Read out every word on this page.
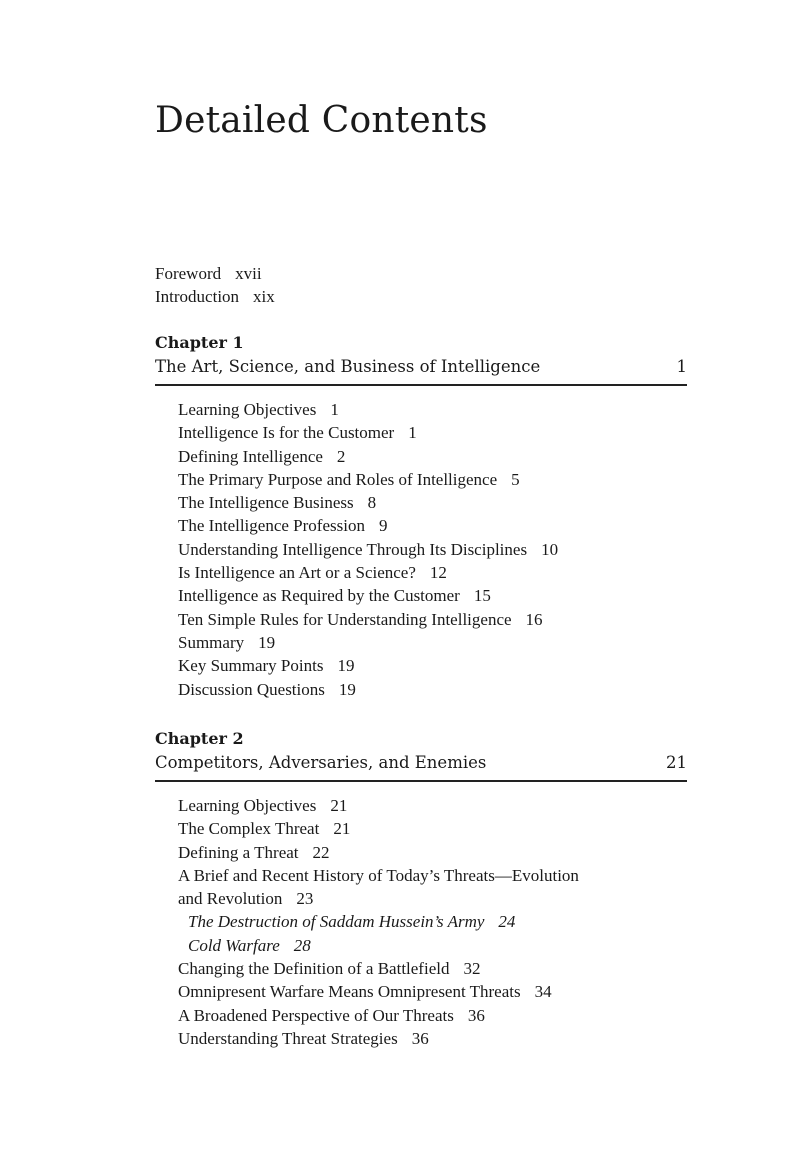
Detailed Contents
Foreword xvii
Introduction xix
Chapter 1
The Art, Science, and Business of Intelligence	1
Learning Objectives 1
Intelligence Is for the Customer 1
Defining Intelligence 2
The Primary Purpose and Roles of Intelligence 5
The Intelligence Business 8
The Intelligence Profession 9
Understanding Intelligence Through Its Disciplines 10
Is Intelligence an Art or a Science? 12
Intelligence as Required by the Customer 15
Ten Simple Rules for Understanding Intelligence 16
Summary 19
Key Summary Points 19
Discussion Questions 19
Chapter 2
Competitors, Adversaries, and Enemies	21
Learning Objectives 21
The Complex Threat 21
Defining a Threat 22
A Brief and Recent History of Today’s Threats—Evolution
and Revolution 23
The Destruction of Saddam Hussein’s Army 24
Cold Warfare 28
Changing the Definition of a Battlefield 32
Omnipresent Warfare Means Omnipresent Threats 34
A Broadened Perspective of Our Threats 36
Understanding Threat Strategies 36
